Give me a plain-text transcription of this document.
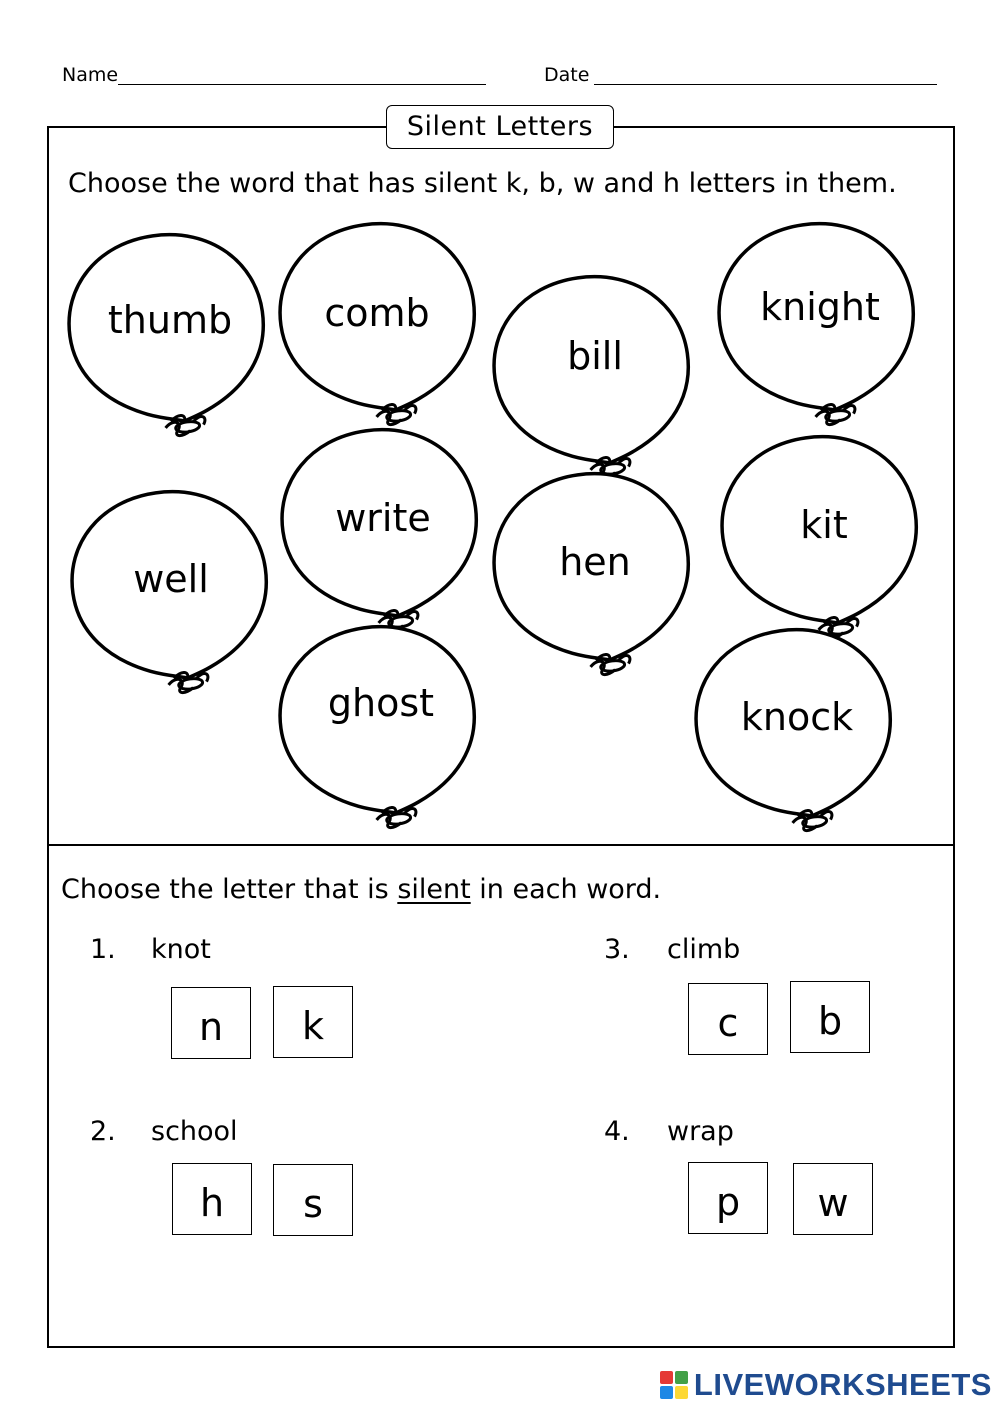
Name	Date
Silent Letters
Choose the word that has silent k, b, w and h letters in them.
thumb comb
bill
knight
well
write
hen
kit
ghost	knock
Choose the letter that is silent in each word.
1. knot
n	k
2. school
h	s
3. climb
c	b
4. wrap
p	w
LIVEWORKSHEETS
